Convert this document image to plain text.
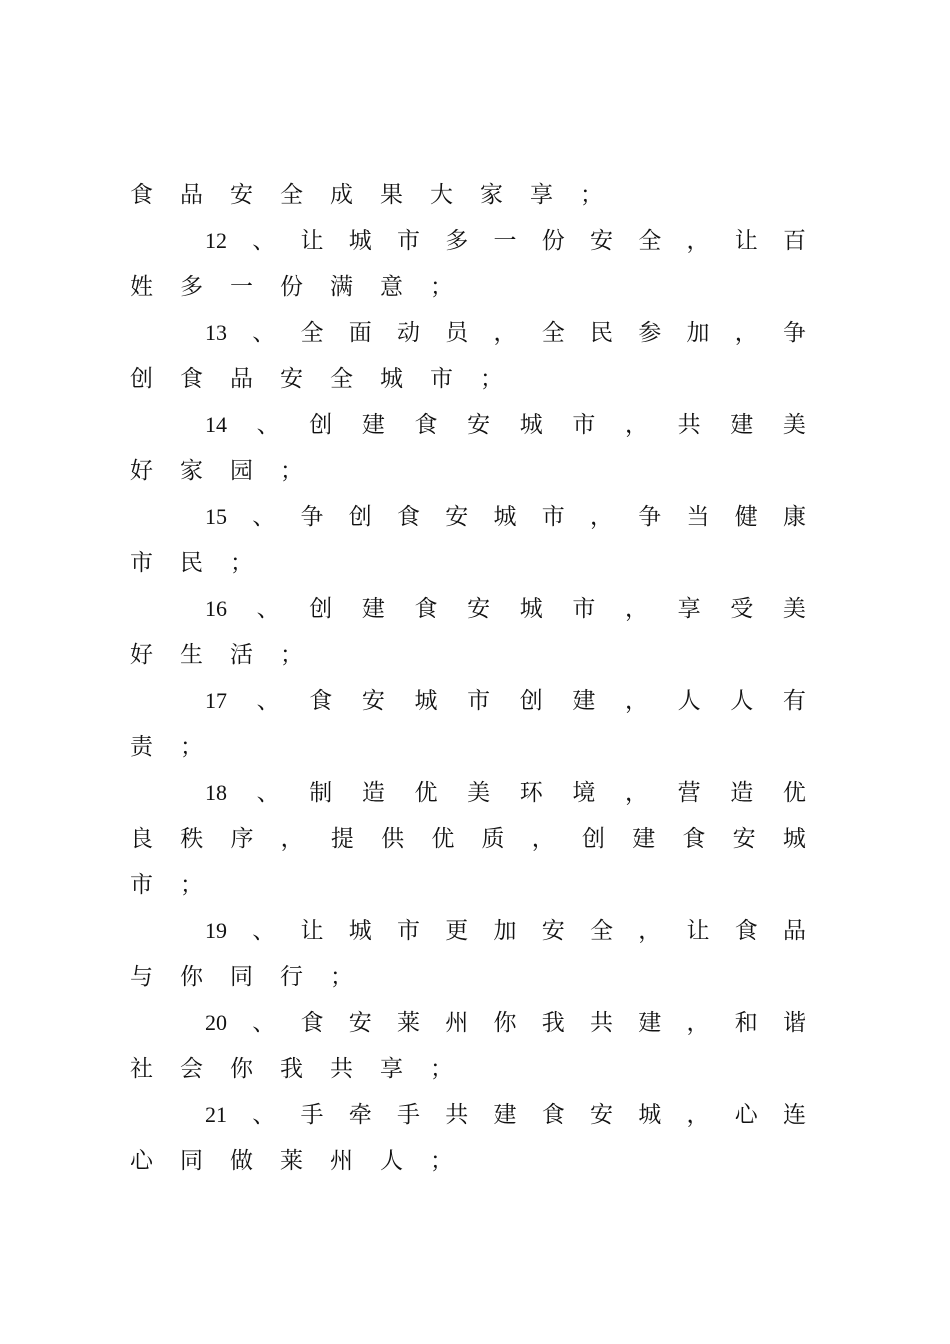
食 品 安 全 成 果 大 家 享 ；
12 、 让 城 市 多 一 份 安 全 ， 让 百
姓 多 一 份 满 意 ；
13 、 全 面 动 员 ， 全 民 参 加 ， 争
创 食 品 安 全 城 市 ；
14 、 创 建 食 安 城 市 ， 共 建 美
好 家 园 ；
15 、 争 创 食 安 城 市 ， 争 当 健 康
市 民 ；
16 、 创 建 食 安 城 市 ， 享 受 美
好 生 活 ；
17 、 食 安 城 市 创 建 ， 人 人 有
责 ；
18 、 制 造 优 美 环 境 ， 营 造 优
良 秩 序 ， 提 供 优 质 ， 创 建 食 安 城
市 ；
19 、 让 城 市 更 加 安 全 ， 让 食 品
与 你 同 行 ；
20 、 食 安 莱 州 你 我 共 建 ， 和 谐
社 会 你 我 共 享 ；
21 、 手 牵 手 共 建 食 安 城 ， 心 连
心 同 做 莱 州 人 ；
